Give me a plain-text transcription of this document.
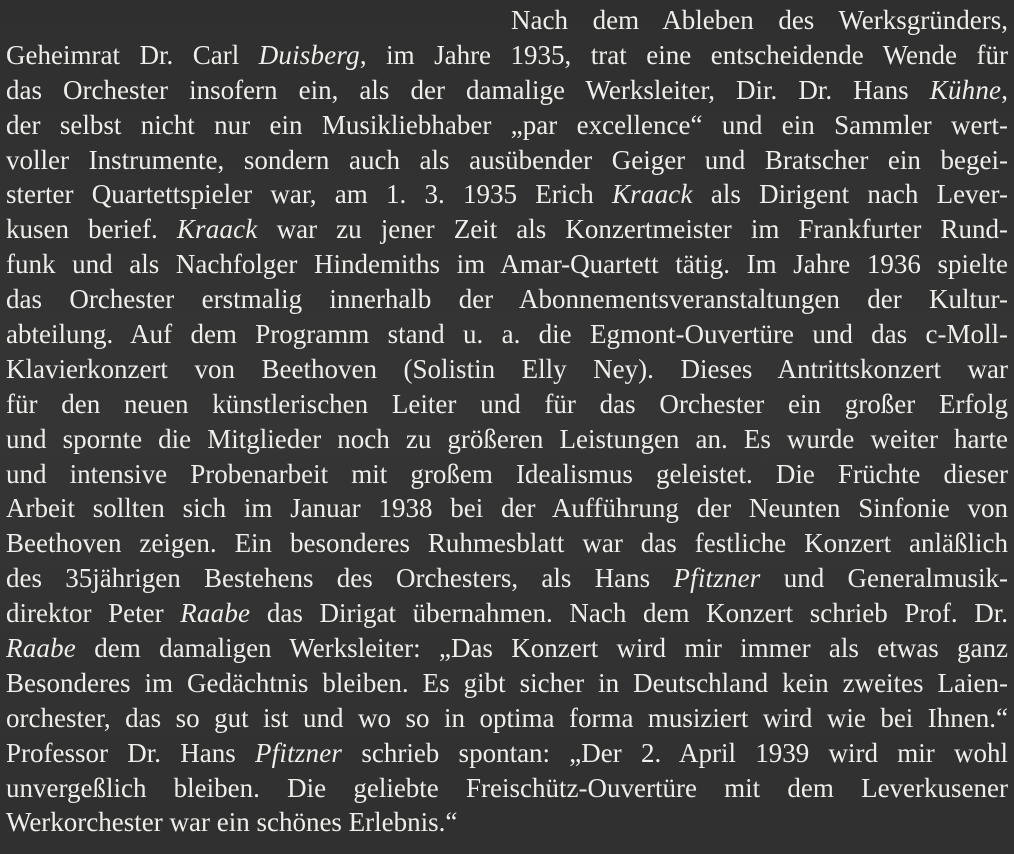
Nach dem Ableben des Werksgründers,
Geheimrat Dr. Carl Duisberg, im Jahre 1935, trat eine entscheidende Wende für
das Orchester insofern ein, als der damalige Werksleiter, Dir. Dr. Hans Kühne,
der selbst nicht nur ein Musikliebhaber „par excellence“ und ein Sammler wert-
voller Instrumente, sondern auch als ausübender Geiger und Bratscher ein begei-
sterter Quartettspieler war, am 1. 3. 1935 Erich Kraack als Dirigent nach Lever-
kusen berief. Kraack war zu jener Zeit als Konzertmeister im Frankfurter Rund-
funk und als Nachfolger Hindemiths im Amar-Quartett tätig. Im Jahre 1936 spielte
das Orchester erstmalig innerhalb der Abonnementsveranstaltungen der Kultur-
abteilung. Auf dem Programm stand u. a. die Egmont-Ouvertüre und das c-Moll-
Klavierkonzert von Beethoven (Solistin Elly Ney). Dieses Antrittskonzert war
für den neuen künstlerischen Leiter und für das Orchester ein großer Erfolg
und spornte die Mitglieder noch zu größeren Leistungen an. Es wurde weiter harte
und intensive Probenarbeit mit großem Idealismus geleistet. Die Früchte dieser
Arbeit sollten sich im Januar 1938 bei der Aufführung der Neunten Sinfonie von
Beethoven zeigen. Ein besonderes Ruhmesblatt war das festliche Konzert anläßlich
des 35jährigen Bestehens des Orchesters, als Hans Pfitzner und Generalmusik-
direktor Peter Raabe das Dirigat übernahmen. Nach dem Konzert schrieb Prof. Dr.
Raabe dem damaligen Werksleiter: „Das Konzert wird mir immer als etwas ganz
Besonderes im Gedächtnis bleiben. Es gibt sicher in Deutschland kein zweites Laien-
orchester, das so gut ist und wo so in optima forma musiziert wird wie bei Ihnen.“
Professor Dr. Hans Pfitzner schrieb spontan: „Der 2. April 1939 wird mir wohl
unvergeßlich bleiben. Die geliebte Freischütz-Ouvertüre mit dem Leverkusener
Werkorchester war ein schönes Erlebnis.“
